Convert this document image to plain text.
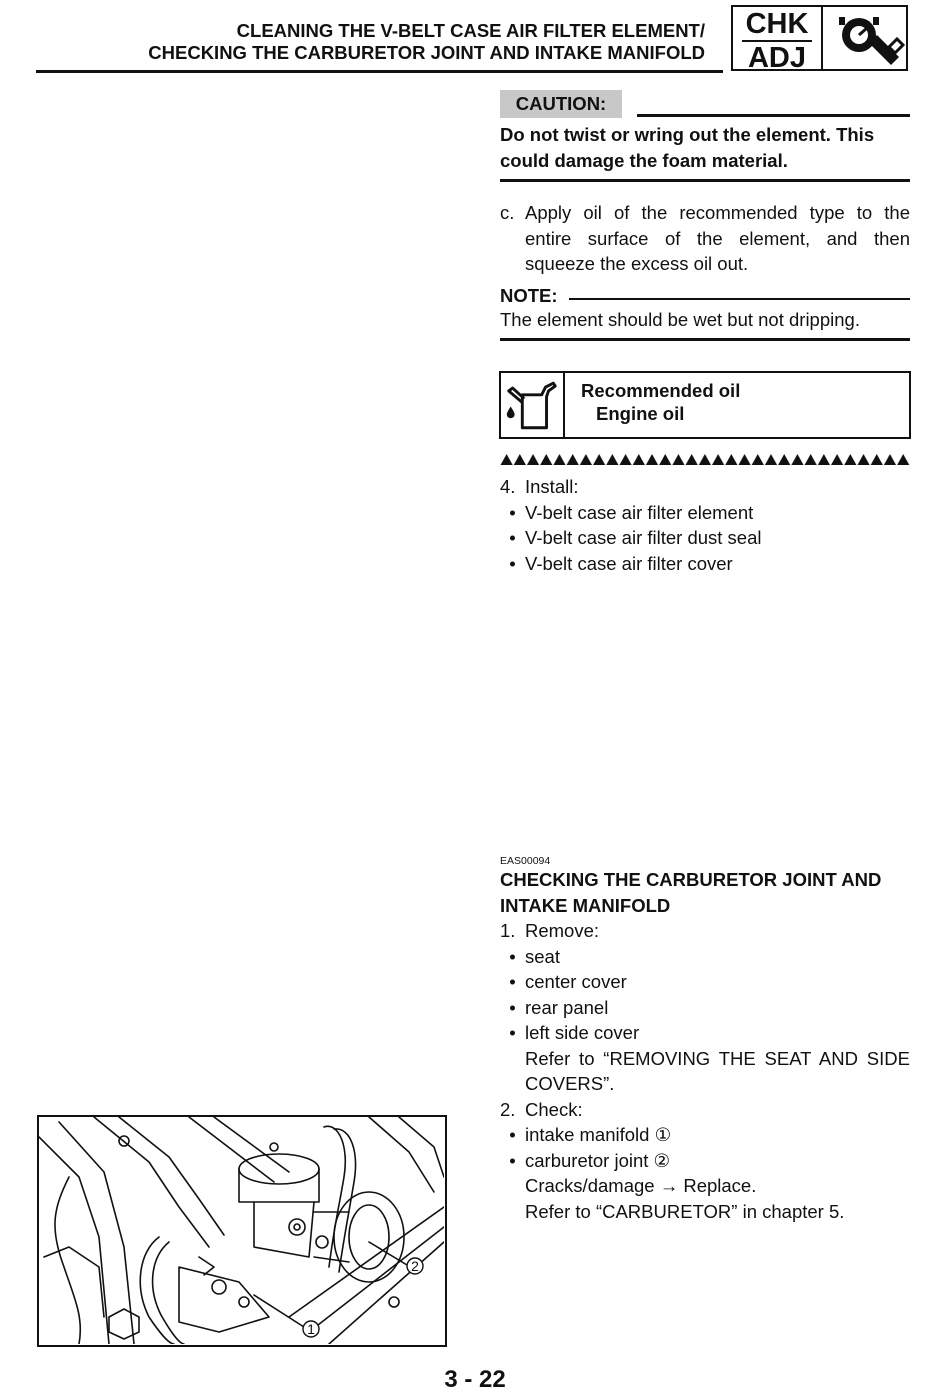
CLEANING THE V-BELT CASE AIR FILTER ELEMENT/
CHECKING THE CARBURETOR JOINT AND INTAKE MANIFOLD
CHK
ADJ
CAUTION:
Do not twist or wring out the element. This could damage the foam material.
c. Apply oil of the recommended type to the entire surface of the element, and then squeeze the excess oil out.
NOTE:
The element should be wet but not dripping.
Recommended oil
Engine oil
4. Install:
• V-belt case air filter element
• V-belt case air filter dust seal
• V-belt case air filter cover
EAS00094
CHECKING THE CARBURETOR JOINT AND INTAKE MANIFOLD
1. Remove:
• seat
• center cover
• rear panel
• left side cover
Refer to “REMOVING THE SEAT AND SIDE COVERS”.
2. Check:
• intake manifold ①
• carburetor joint ②
Cracks/damage → Replace.
Refer to “CARBURETOR” in chapter 5.
1
2
3 - 22
